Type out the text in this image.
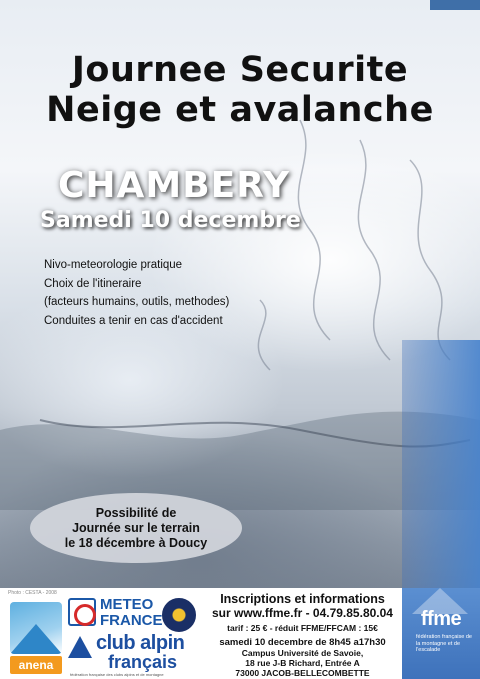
Journee Securite
Neige et avalanche
CHAMBERY
Samedi 10 decembre
Nivo-meteorologie pratique
Choix de l'itineraire
(facteurs humains, outils, methodes)
Conduites a tenir en cas d'accident
Possibilité de
Journée sur le terrain
le 18 décembre à Doucy
Photo : CESTA - 2008
anena
METEO
FRANCE
club alpin
français
fédération française des clubs alpins et de montagne
Inscriptions et informations
sur www.ffme.fr - 04.79.85.80.04
tarif : 25 € - réduit FFME/FFCAM : 15€
samedi 10 decembre de 8h45 a17h30
Campus Université de Savoie,
18 rue J-B Richard, Entrée A
73000 JACOB-BELLECOMBETTE
ffme
fédération française de la montagne et de l'escalade
